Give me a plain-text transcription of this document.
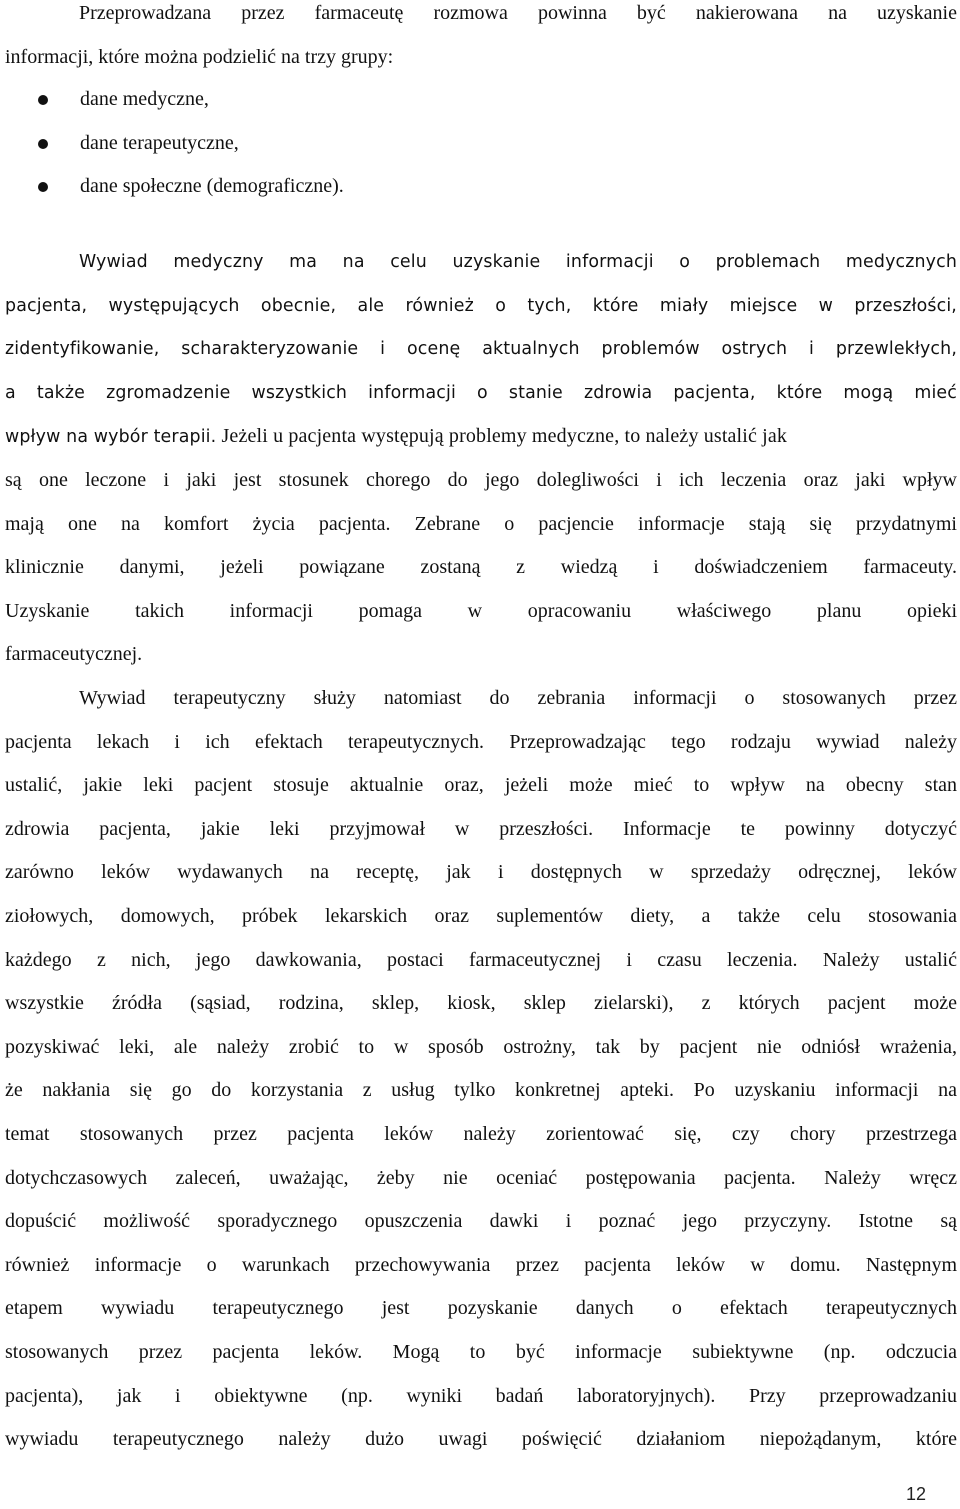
Przeprowadzana przez farmaceutę rozmowa powinna być nakierowana na uzyskanie
informacji, które można podzielić na trzy grupy:
dane medyczne,
dane terapeutyczne,
dane społeczne (demograficzne).
Wywiad medyczny ma na celu uzyskanie informacji o problemach medycznych
pacjenta, występujących obecnie, ale również o tych, które miały miejsce w przeszłości,
zidentyfikowanie, scharakteryzowanie i ocenę aktualnych problemów ostrych i przewlekłych,
a także zgromadzenie wszystkich informacji o stanie zdrowia pacjenta, które mogą mieć
wpływ na wybór terapii. Jeżeli u pacjenta występują problemy medyczne, to należy ustalić jak
są one leczone i jaki jest stosunek chorego do jego dolegliwości i ich leczenia oraz jaki wpływ
mają one na komfort życia pacjenta. Zebrane o pacjencie informacje stają się przydatnymi
klinicznie danymi, jeżeli powiązane zostaną z wiedzą i doświadczeniem farmaceuty.
Uzyskanie takich informacji pomaga w opracowaniu właściwego planu opieki
farmaceutycznej.
Wywiad terapeutyczny służy natomiast do zebrania informacji o stosowanych przez
pacjenta lekach i ich efektach terapeutycznych. Przeprowadzając tego rodzaju wywiad należy
ustalić, jakie leki pacjent stosuje aktualnie oraz, jeżeli może mieć to wpływ na obecny stan
zdrowia pacjenta, jakie leki przyjmował w przeszłości. Informacje te powinny dotyczyć
zarówno leków wydawanych na receptę, jak i dostępnych w sprzedaży odręcznej, leków
ziołowych, domowych, próbek lekarskich oraz suplementów diety, a także celu stosowania
każdego z nich, jego dawkowania, postaci farmaceutycznej i czasu leczenia. Należy ustalić
wszystkie źródła (sąsiad, rodzina, sklep, kiosk, sklep zielarski), z których pacjent może
pozyskiwać leki, ale należy zrobić to w sposób ostrożny, tak by pacjent nie odniósł wrażenia,
że nakłania się go do korzystania z usług tylko konkretnej apteki. Po uzyskaniu informacji na
temat stosowanych przez pacjenta leków należy zorientować się, czy chory przestrzega
dotychczasowych zaleceń, uważając, żeby nie oceniać postępowania pacjenta. Należy wręcz
dopuścić możliwość sporadycznego opuszczenia dawki i poznać jego przyczyny. Istotne są
również informacje o warunkach przechowywania przez pacjenta leków w domu. Następnym
etapem wywiadu terapeutycznego jest pozyskanie danych o efektach terapeutycznych
stosowanych przez pacjenta leków. Mogą to być informacje subiektywne (np. odczucia
pacjenta), jak i obiektywne (np. wyniki badań laboratoryjnych). Przy przeprowadzaniu
wywiadu terapeutycznego należy dużo uwagi poświęcić działaniom niepożądanym, które
12
